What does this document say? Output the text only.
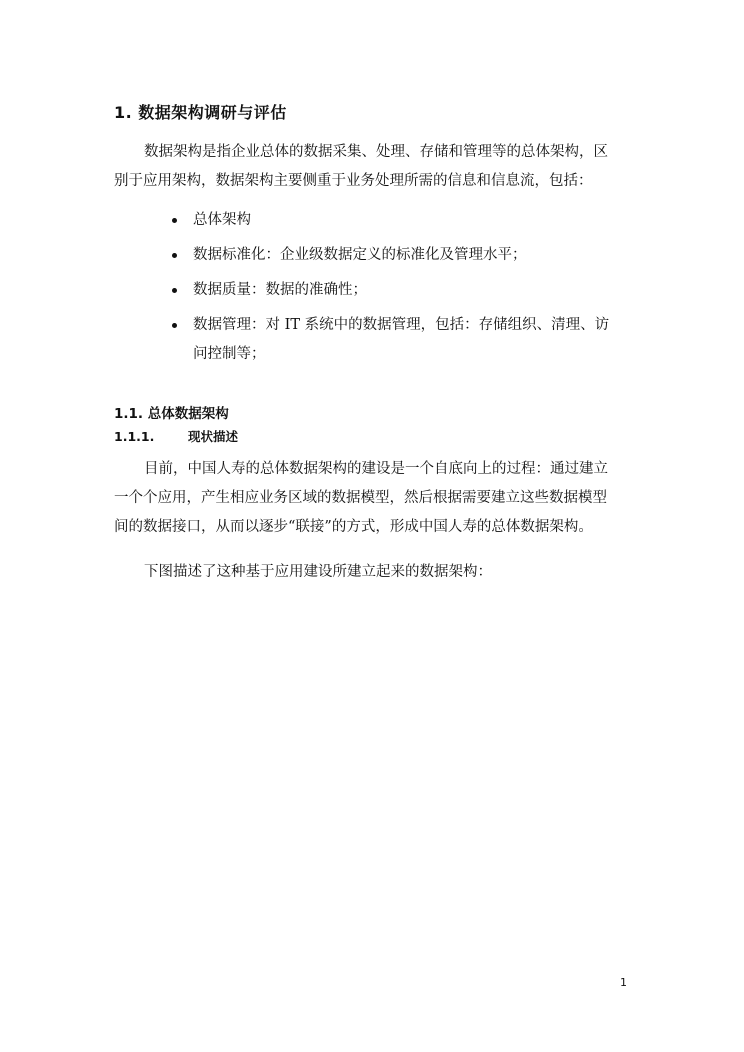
1. 数据架构调研与评估
数据架构是指企业总体的数据采集、处理、存储和管理等的总体架构，区
别于应用架构，数据架构主要侧重于业务处理所需的信息和信息流，包括：
总体架构
数据标准化：企业级数据定义的标准化及管理水平；
数据质量：数据的准确性；
数据管理：对 IT 系统中的数据管理，包括：存储组织、清理、访
问控制等；
1.1. 总体数据架构
1.1.1.	现状描述
目前，中国人寿的总体数据架构的建设是一个自底向上的过程：通过建立
一个个应用，产生相应业务区域的数据模型，然后根据需要建立这些数据模型
间的数据接口，从而以逐步“联接”的方式，形成中国人寿的总体数据架构。
下图描述了这种基于应用建设所建立起来的数据架构：
1
